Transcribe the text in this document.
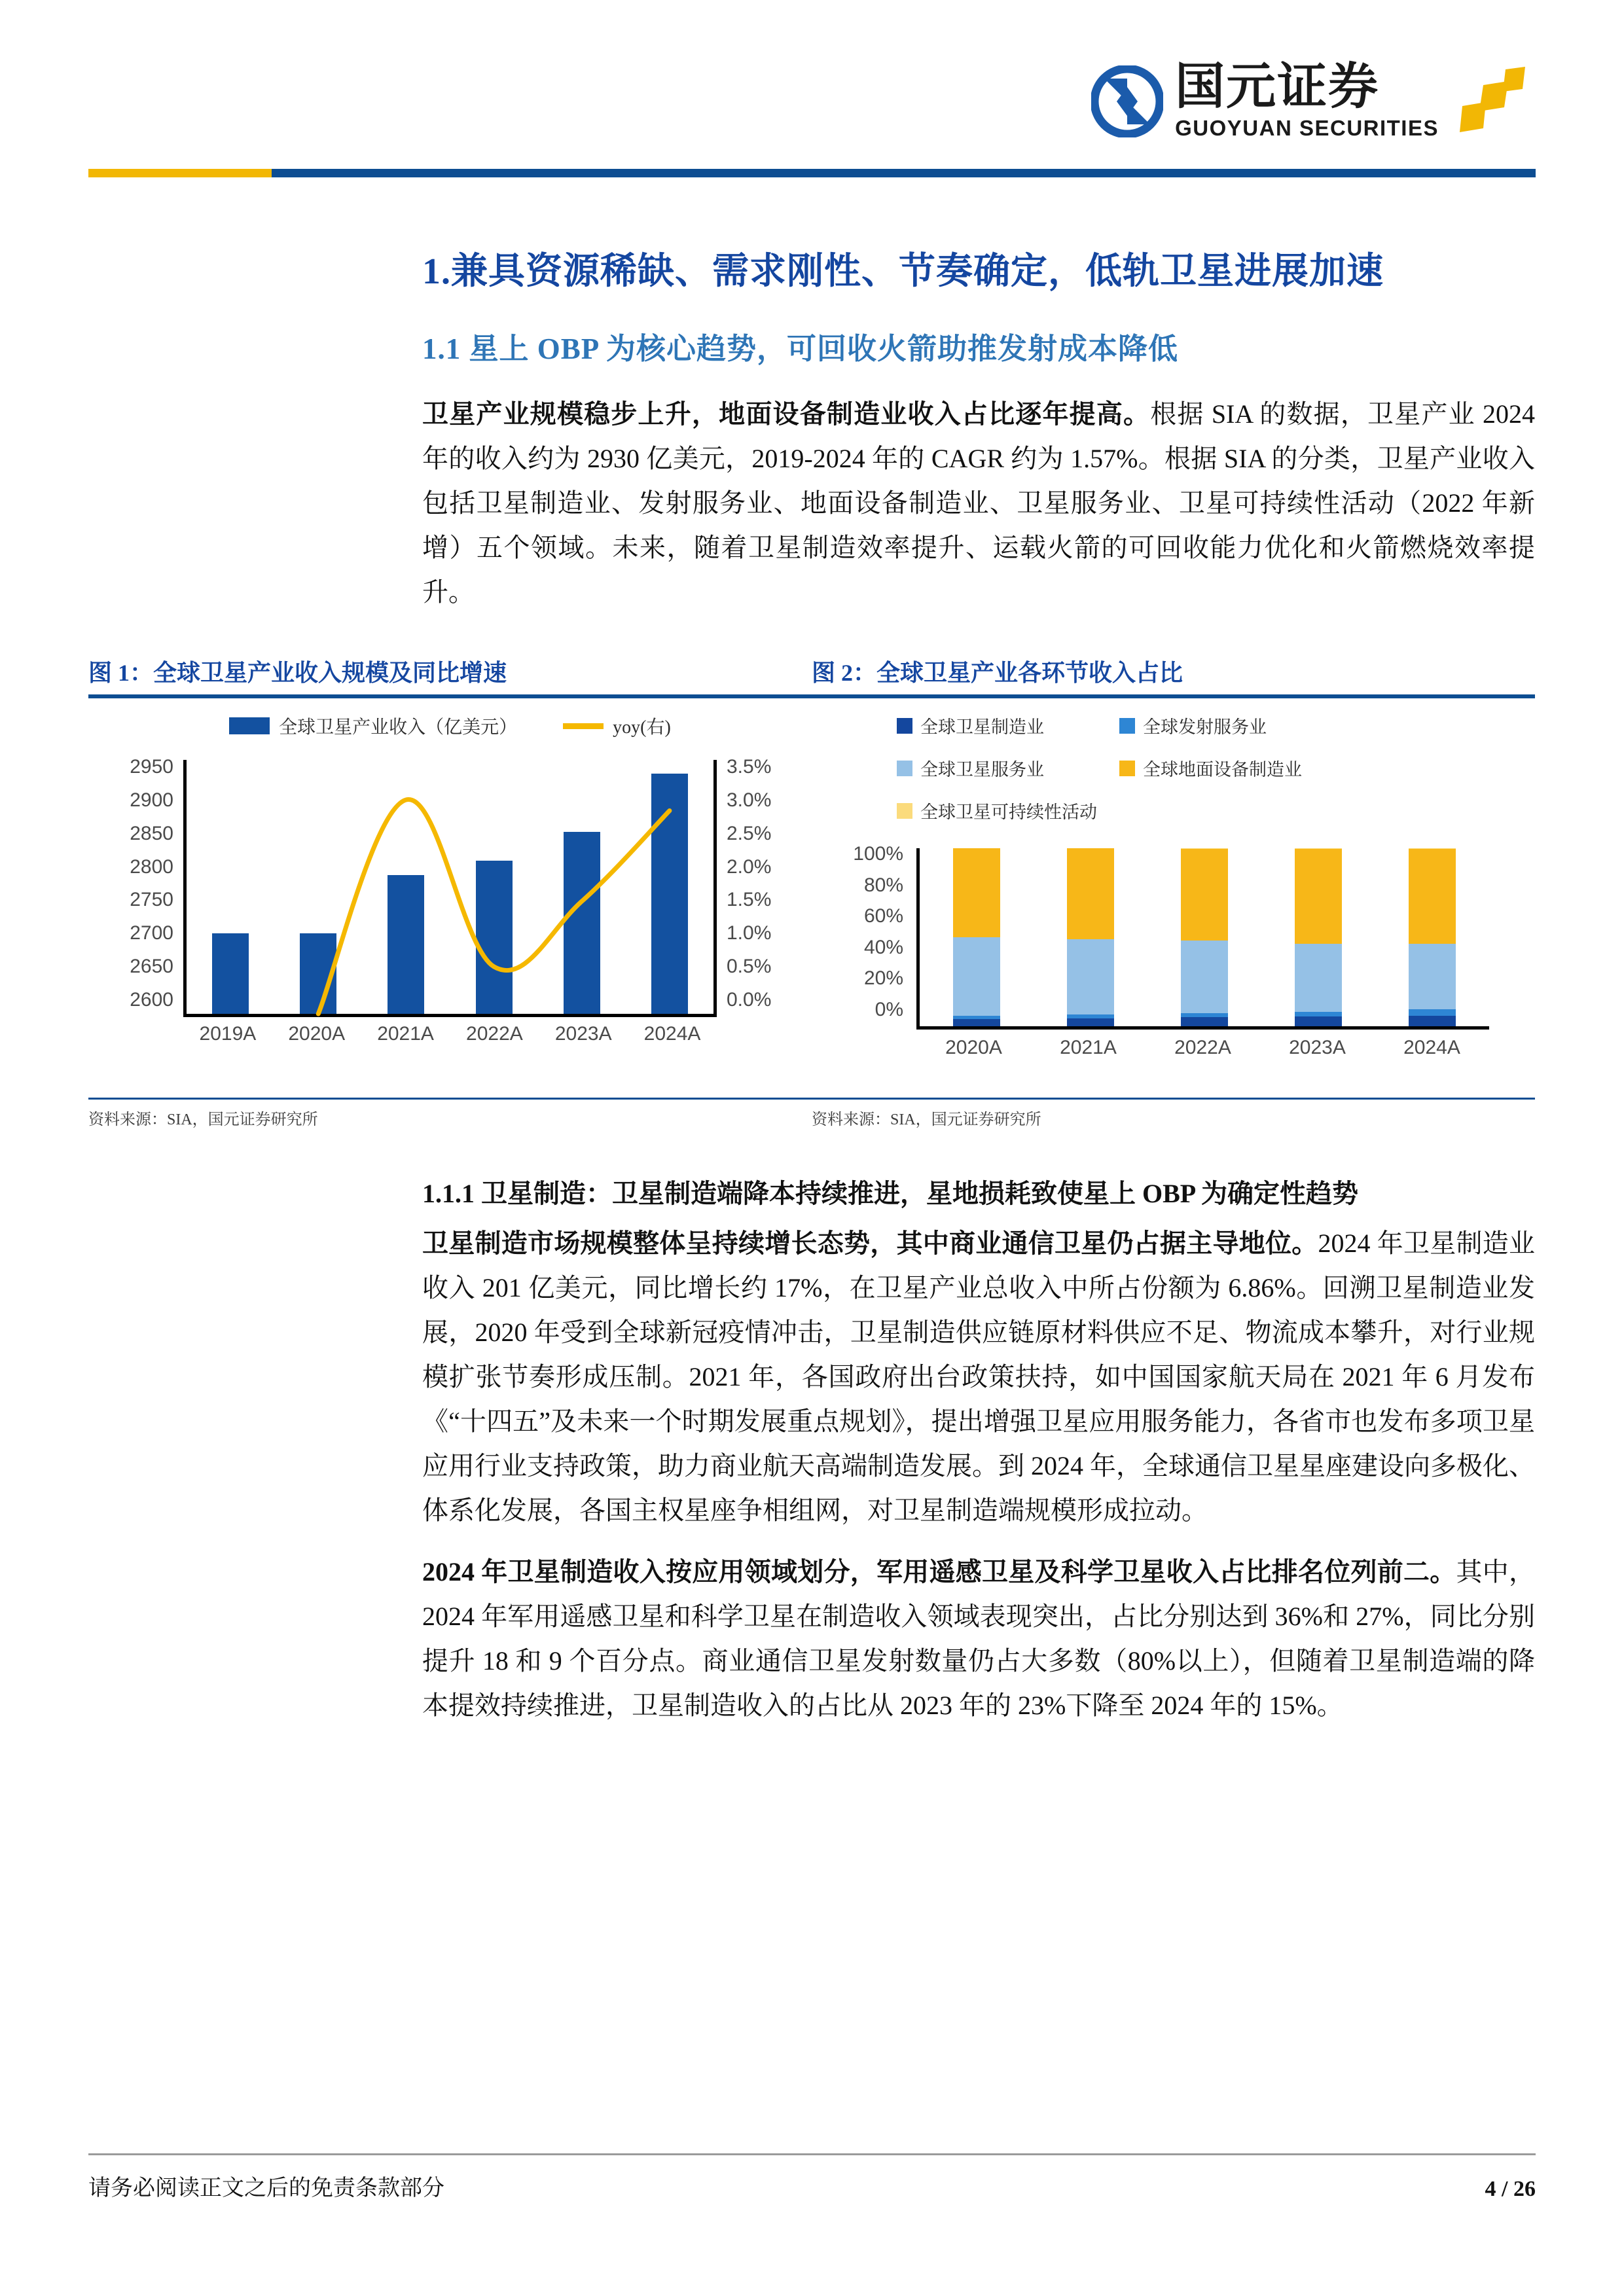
国元证券
GUOYUAN SECURITIES
1.兼具资源稀缺、需求刚性、节奏确定，低轨卫星进展加速
1.1 星上 OBP 为核心趋势，可回收火箭助推发射成本降低

卫星产业规模稳步上升，地面设备制造业收入占比逐年提高。根据 SIA 的数据，卫星产业 2024 年的收入约为 2930 亿美元，2019-2024 年的 CAGR 约为 1.57%。根据 SIA 的分类，卫星产业收入包括卫星制造业、发射服务业、地面设备制造业、卫星服务业、卫星可持续性活动（2022 年新增）五个领域。未来，随着卫星制造效率提升、运载火箭的可回收能力优化和火箭燃烧效率提升。

图 1：全球卫星产业收入规模及同比增速
全球卫星产业收入（亿美元）	yoy(右)
2950
2900
2850
2800
2750
2700
2650
2600
3.5%
3.0%
2.5%
2.0%
1.5%
1.0%
0.5%
0.0%
2019A 2020A 2021A 2022A 2023A 2024A
资料来源：SIA，国元证券研究所
图 2：全球卫星产业各环节收入占比
全球卫星制造业	全球发射服务业
全球卫星服务业	全球地面设备制造业
全球卫星可持续性活动
100%
80%
60%
40%
20%
0%
2020A	2021A	2022A	2023A	2024A
资料来源：SIA，国元证券研究所

1.1.1 卫星制造：卫星制造端降本持续推进，星地损耗致使星上 OBP 为确定性趋势

卫星制造市场规模整体呈持续增长态势，其中商业通信卫星仍占据主导地位。2024 年卫星制造业收入 201 亿美元，同比增长约 17%，在卫星产业总收入中所占份额为 6.86%。回溯卫星制造业发展，2020 年受到全球新冠疫情冲击，卫星制造供应链原材料供应不足、物流成本攀升，对行业规模扩张节奏形成压制。2021 年，各国政府出台政策扶持，如中国国家航天局在 2021 年 6 月发布《“十四五”及未来一个时期发展重点规划》，提出增强卫星应用服务能力，各省市也发布多项卫星应用行业支持政策，助力商业航天高端制造发展。到 2024 年，全球通信卫星星座建设向多极化、体系化发展，各国主权星座争相组网，对卫星制造端规模形成拉动。

2024 年卫星制造收入按应用领域划分，军用遥感卫星及科学卫星收入占比排名位列前二。其中，2024 年军用遥感卫星和科学卫星在制造收入领域表现突出，占比分别达到 36%和 27%，同比分别提升 18 和 9 个百分点。商业通信卫星发射数量仍占大多数（80%以上），但随着卫星制造端的降本提效持续推进，卫星制造收入的占比从 2023 年的 23%下降至 2024 年的 15%。

请务必阅读正文之后的免责条款部分	4 / 26
